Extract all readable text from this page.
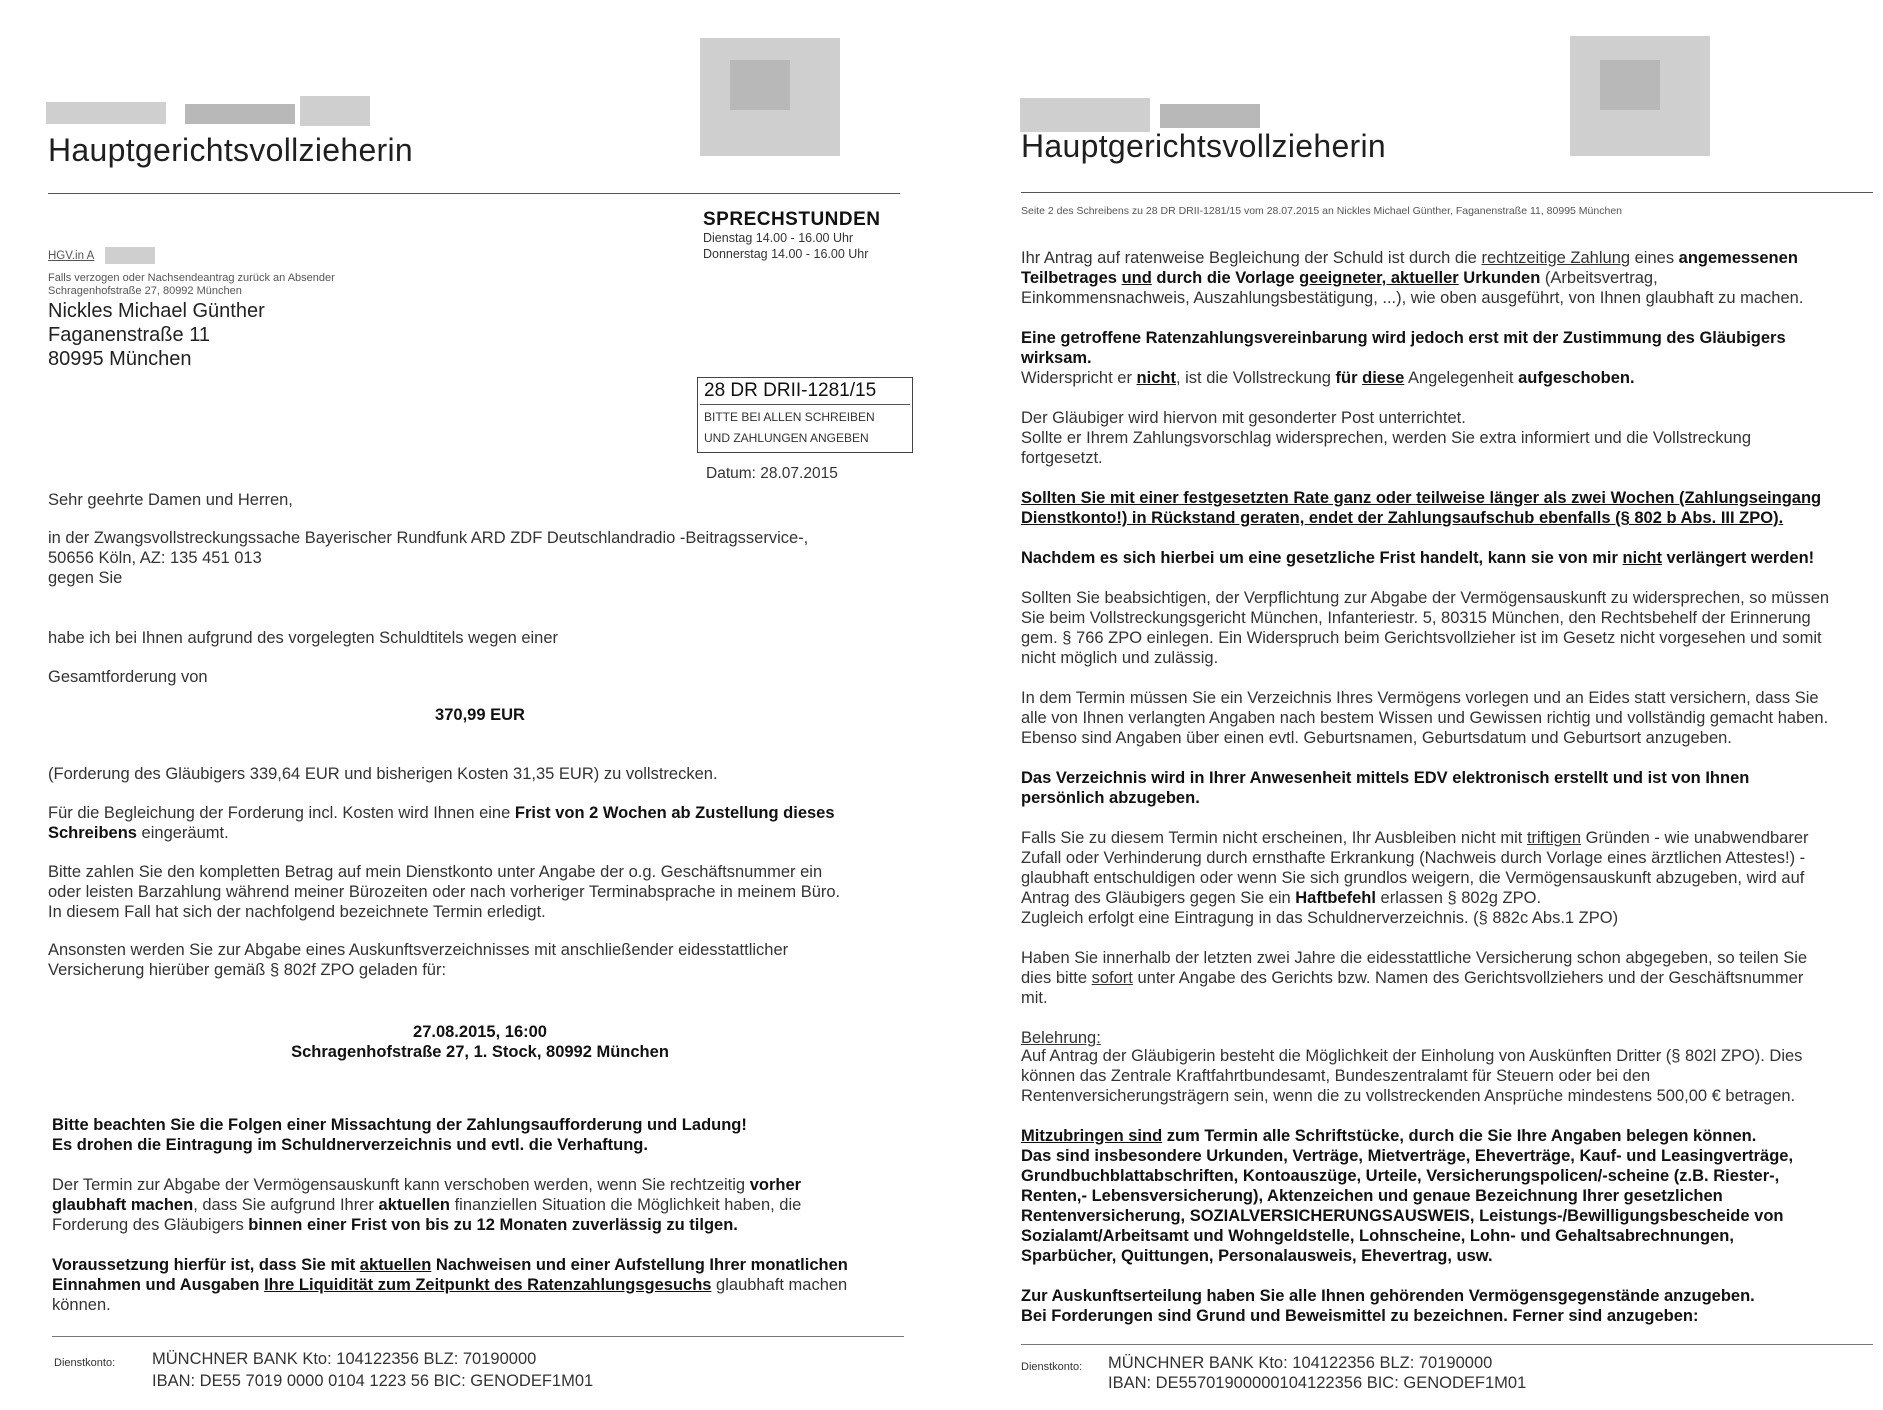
Hauptgerichtsvollzieherin
SPRECHSTUNDEN
Dienstag 14.00 - 16.00 Uhr
Donnerstag 14.00 - 16.00 Uhr
HGV.in A
Falls verzogen oder Nachsendeantrag zurück an Absender
Schragenhofstraße 27, 80992 München
Nickles Michael Günther
Faganenstraße 11
80995 München
28 DR DRII-1281/15
BITTE BEI ALLEN SCHREIBEN
UND ZAHLUNGEN ANGEBEN
Datum: 28.07.2015
Sehr geehrte Damen und Herren,
in der Zwangsvollstreckungssache Bayerischer Rundfunk ARD ZDF Deutschlandradio -Beitragsservice-,
50656 Köln, AZ: 135 451 013
gegen Sie
habe ich bei Ihnen aufgrund des vorgelegten Schuldtitels wegen einer
Gesamtforderung von
370,99 EUR
(Forderung des Gläubigers 339,64 EUR und bisherigen Kosten 31,35 EUR) zu vollstrecken.
Für die Begleichung der Forderung incl. Kosten wird Ihnen eine Frist von 2 Wochen ab Zustellung dieses
Schreibens eingeräumt.
Bitte zahlen Sie den kompletten Betrag auf mein Dienstkonto unter Angabe der o.g. Geschäftsnummer ein
oder leisten Barzahlung während meiner Bürozeiten oder nach vorheriger Terminabsprache in meinem Büro.
In diesem Fall hat sich der nachfolgend bezeichnete Termin erledigt.
Ansonsten werden Sie zur Abgabe eines Auskunftsverzeichnisses mit anschließender eidesstattlicher
Versicherung hierüber gemäß § 802f ZPO geladen für:
27.08.2015, 16:00
Schragenhofstraße 27, 1. Stock, 80992 München
Bitte beachten Sie die Folgen einer Missachtung der Zahlungsaufforderung und Ladung!
Es drohen die Eintragung im Schuldnerverzeichnis und evtl. die Verhaftung.
Der Termin zur Abgabe der Vermögensauskunft kann verschoben werden, wenn Sie rechtzeitig vorher
glaubhaft machen, dass Sie aufgrund Ihrer aktuellen finanziellen Situation die Möglichkeit haben, die
Forderung des Gläubigers binnen einer Frist von bis zu 12 Monaten zuverlässig zu tilgen.
Voraussetzung hierfür ist, dass Sie mit aktuellen Nachweisen und einer Aufstellung Ihrer monatlichen
Einnahmen und Ausgaben Ihre Liquidität zum Zeitpunkt des Ratenzahlungsgesuchs glaubhaft machen
können.
Dienstkonto: MÜNCHNER BANK Kto: 104122356 BLZ: 70190000
IBAN: DE55 7019 0000 0104 1223 56 BIC: GENODEF1M01
Hauptgerichtsvollzieherin
Seite 2 des Schreibens zu 28 DR DRII-1281/15 vom 28.07.2015 an Nickles Michael Günther, Faganenstraße 11, 80995 München
Ihr Antrag auf ratenweise Begleichung der Schuld ist durch die rechtzeitige Zahlung eines angemessenen
Teilbetrages und durch die Vorlage geeigneter, aktueller Urkunden (Arbeitsvertrag,
Einkommensnachweis, Auszahlungsbestätigung, ...), wie oben ausgeführt, von Ihnen glaubhaft zu machen.
Eine getroffene Ratenzahlungsvereinbarung wird jedoch erst mit der Zustimmung des Gläubigers
wirksam.
Widerspricht er nicht, ist die Vollstreckung für diese Angelegenheit aufgeschoben.
Der Gläubiger wird hiervon mit gesonderter Post unterrichtet.
Sollte er Ihrem Zahlungsvorschlag widersprechen, werden Sie extra informiert und die Vollstreckung
fortgesetzt.
Sollten Sie mit einer festgesetzten Rate ganz oder teilweise länger als zwei Wochen (Zahlungseingang
Dienstkonto!) in Rückstand geraten, endet der Zahlungsaufschub ebenfalls (§ 802 b Abs. III ZPO).
Nachdem es sich hierbei um eine gesetzliche Frist handelt, kann sie von mir nicht verlängert werden!
Sollten Sie beabsichtigen, der Verpflichtung zur Abgabe der Vermögensauskunft zu widersprechen, so müssen
Sie beim Vollstreckungsgericht München, Infanteriestr. 5, 80315 München, den Rechtsbehelf der Erinnerung
gem. § 766 ZPO einlegen. Ein Widerspruch beim Gerichtsvollzieher ist im Gesetz nicht vorgesehen und somit
nicht möglich und zulässig.
In dem Termin müssen Sie ein Verzeichnis Ihres Vermögens vorlegen und an Eides statt versichern, dass Sie
alle von Ihnen verlangten Angaben nach bestem Wissen und Gewissen richtig und vollständig gemacht haben.
Ebenso sind Angaben über einen evtl. Geburtsnamen, Geburtsdatum und Geburtsort anzugeben.
Das Verzeichnis wird in Ihrer Anwesenheit mittels EDV elektronisch erstellt und ist von Ihnen
persönlich abzugeben.
Falls Sie zu diesem Termin nicht erscheinen, Ihr Ausbleiben nicht mit triftigen Gründen - wie unabwendbarer
Zufall oder Verhinderung durch ernsthafte Erkrankung (Nachweis durch Vorlage eines ärztlichen Attestes!) -
glaubhaft entschuldigen oder wenn Sie sich grundlos weigern, die Vermögensauskunft abzugeben, wird auf
Antrag des Gläubigers gegen Sie ein Haftbefehl erlassen § 802g ZPO.
Zugleich erfolgt eine Eintragung in das Schuldnerverzeichnis. (§ 882c Abs.1 ZPO)
Haben Sie innerhalb der letzten zwei Jahre die eidesstattliche Versicherung schon abgegeben, so teilen Sie
dies bitte sofort unter Angabe des Gerichts bzw. Namen des Gerichtsvollziehers und der Geschäftsnummer
mit.
Belehrung:
Auf Antrag der Gläubigerin besteht die Möglichkeit der Einholung von Auskünften Dritter (§ 802l ZPO). Dies
können das Zentrale Kraftfahrtbundesamt, Bundeszentralamt für Steuern oder bei den
Rentenversicherungsträgern sein, wenn die zu vollstreckenden Ansprüche mindestens 500,00 € betragen.
Mitzubringen sind zum Termin alle Schriftstücke, durch die Sie Ihre Angaben belegen können.
Das sind insbesondere Urkunden, Verträge, Mietverträge, Eheverträge, Kauf- und Leasingverträge,
Grundbuchblattabschriften, Kontoauszüge, Urteile, Versicherungspolicen/-scheine (z.B. Riester-,
Renten,- Lebensversicherung), Aktenzeichen und genaue Bezeichnung Ihrer gesetzlichen
Rentenversicherung, SOZIALVERSICHERUNGSAUSWEIS, Leistungs-/Bewilligungsbescheide von
Sozialamt/Arbeitsamt und Wohngeldstelle, Lohnscheine, Lohn- und Gehaltsabrechnungen,
Sparbücher, Quittungen, Personalausweis, Ehevertrag, usw.
Zur Auskunftserteilung haben Sie alle Ihnen gehörenden Vermögensgegenstände anzugeben.
Bei Forderungen sind Grund und Beweismittel zu bezeichnen. Ferner sind anzugeben:
Dienstkonto: MÜNCHNER BANK Kto: 104122356 BLZ: 70190000
IBAN: DE55701900000104122356 BIC: GENODEF1M01
